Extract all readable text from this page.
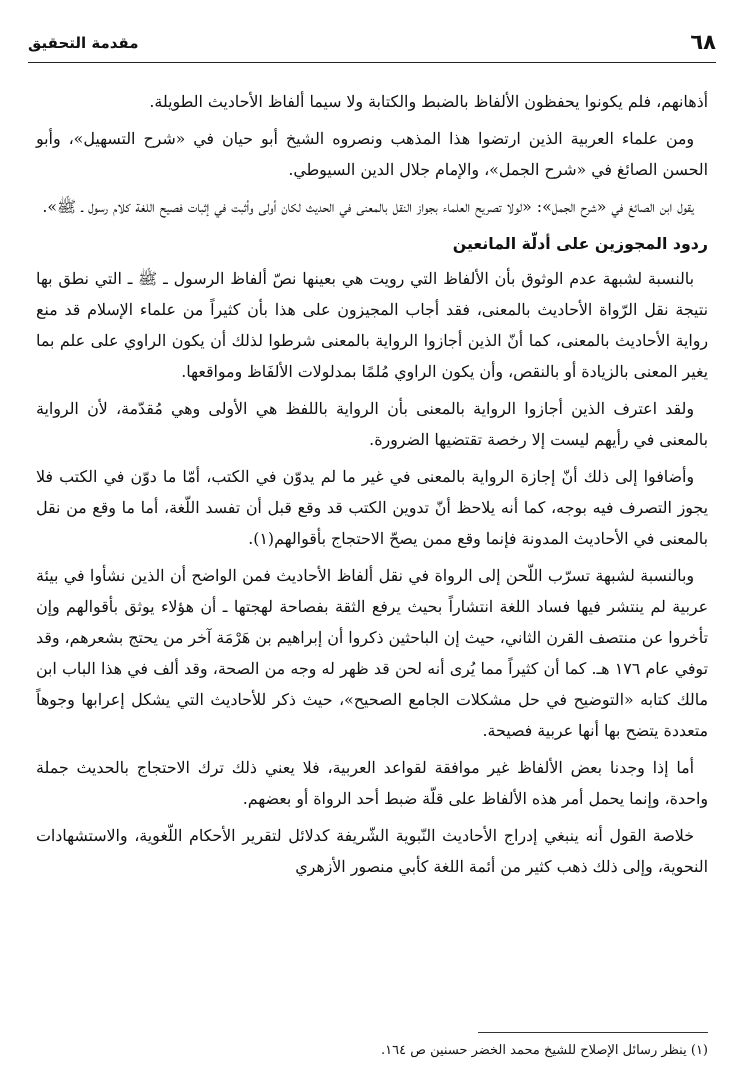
٦٨
مقدمة التحقيق

أذهانهم، فلم يكونوا يحفظون الألفاظ بالضبط والكتابة ولا سيما ألفاظ الأحاديث الطويلة.

ومن علماء العربية الذين ارتضوا هذا المذهب ونصروه الشيخ أبو حيان في «شرح التسهيل»، وأبو الحسن الصائغ في «شرح الجمل»، والإمام جلال الدين السيوطي.

يقول ابن الصائغ في «شرح الجمل»: «لولا تصريح العلماء بجواز النقل بالمعنى في الحديث لكان أولى وأثبت في إثبات فصيح اللغة كلام رسول ـ ﷺ».

ردود المجوزين على أدلّة المانعين

بالنسبة لشبهة عدم الوثوق بأن الألفاظ التي رويت هي بعينها نصّ ألفاظ الرسول ـ ﷺ ـ التي نطق بها نتيجة نقل الرّواة الأحاديث بالمعنى، فقد أجاب المجيزون على هذا بأن كثيراً من علماء الإسلام قد منع رواية الأحاديث بالمعنى، كما أنّ الذين أجازوا الرواية بالمعنى شرطوا لذلك أن يكون الراوي على علم بما يغير المعنى بالزيادة أو بالنقص، وأن يكون الراوي مُلمًا بمدلولات الألفَاظ ومواقعها.

ولقد اعترف الذين أجازوا الرواية بالمعنى بأن الرواية باللفظ هي الأولى وهي مُقدّمة، لأن الرواية بالمعنى في رأيهم ليست إلا رخصة تقتضيها الضرورة.

وأضافوا إلى ذلك أنّ إجازة الرواية بالمعنى في غير ما لم يدوّن في الكتب، أمّا ما دوّن في الكتب فلا يجوز التصرف فيه بوجه، كما أنه يلاحظ أنّ تدوين الكتب قد وقع قبل أن تفسد اللّغة، أما ما وقع من نقل بالمعنى في الأحاديث المدونة فإنما وقع ممن يصحّ الاحتجاج بأقوالهم(١).

وبالنسبة لشبهة تسرّب اللّحن إلى الرواة في نقل ألفاظ الأحاديث فمن الواضح أن الذين نشأوا في بيئة عربية لم ينتشر فيها فساد اللغة انتشاراً بحيث يرفع الثقة بفصاحة لهجتها ـ أن هؤلاء يوثق بأقوالهم وإن تأخروا عن منتصف القرن الثاني، حيث إن الباحثين ذكروا أن إبراهيم بن هَرْمَة آخر من يحتج بشعرهم، وقد توفي عام ١٧٦ هـ. كما أن كثيراً مما يُرى أنه لحن قد ظهر له وجه من الصحة، وقد ألف في هذا الباب ابن مالك كتابه «التوضيح في حل مشكلات الجامع الصحيح»، حيث ذكر للأحاديث التي يشكل إعرابها وجوهاً متعددة يتضح بها أنها عربية فصيحة.

أما إذا وجدنا بعض الألفاظ غير موافقة لقواعد العربية، فلا يعني ذلك ترك الاحتجاج بالحديث جملة واحدة، وإنما يحمل أمر هذه الألفاظ على قلّة ضبط أحد الرواة أو بعضهم.

خلاصة القول أنه ينبغي إدراج الأحاديث النّبوية الشّريفة كدلائل لتقرير الأحكام اللّغوية، والاستشهادات النحوية، وإلى ذلك ذهب كثير من أئمة اللغة كأبي منصور الأزهري

(١) ينظر رسائل الإصلاح للشيخ محمد الخضر حسنين ص ١٦٤.
